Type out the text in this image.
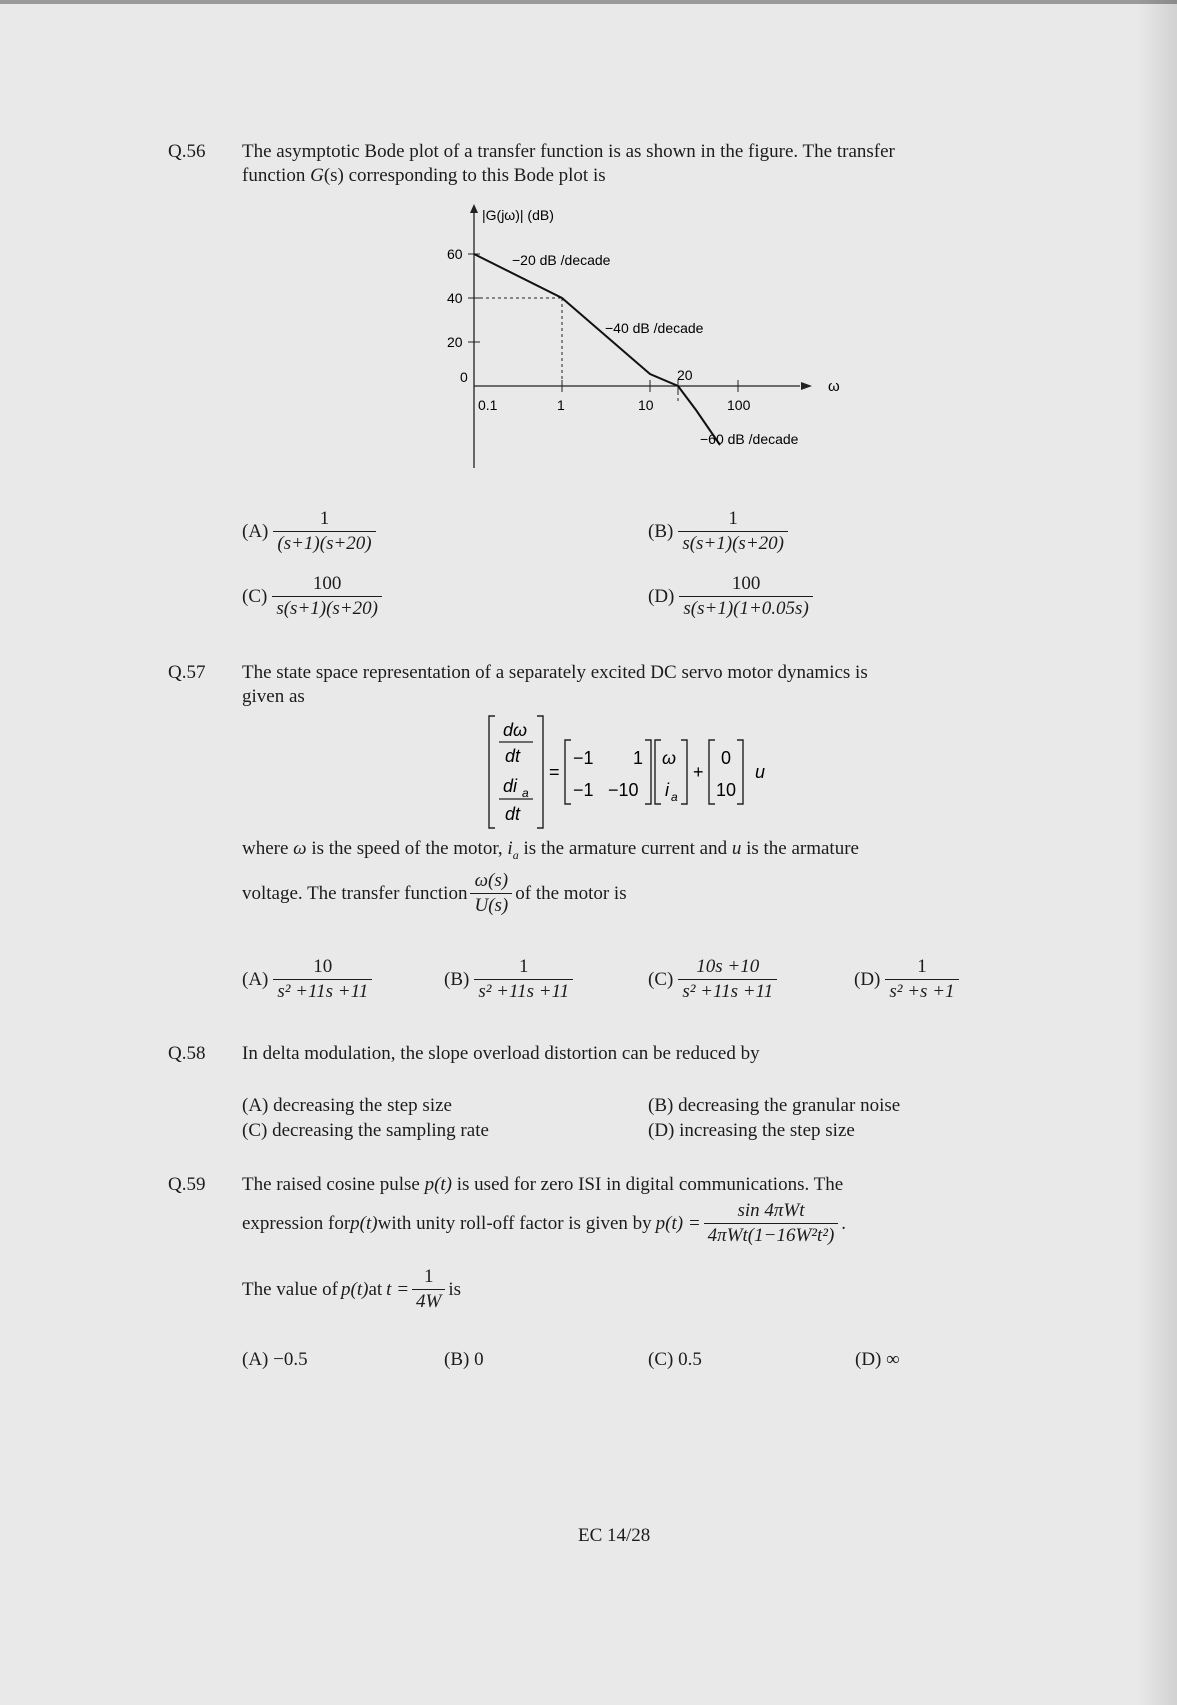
Q.56 The asymptotic Bode plot of a transfer function is as shown in the figure. The transfer
function G(s) corresponding to this Bode plot is
|G(jω)| (dB)
ω
60
40
20
0
0.1	1	10	100
20
−20 dB /decade
−40 dB /decade
−60 dB /decade
$(A) \frac{1}{(s+1)(s+20)}$	$(B) \frac{1}{s(s+1)(s+20)}$
$(C) \frac{100}{s(s+1)(s+20)}$	$(D) \frac{100}{s(s+1)(1+0.05s)}$
Q.57 The state space representation of a separately excited DC servo motor dynamics is
given as
dω
dt
di a
dt
=
−1 1
−1 −10
ω
i a
+
0
10
u
where ω is the speed of the motor, $i_a$ is the armature current and u is the armature
voltage. The transfer function $\frac{\omega(s)}{U(s)}$ of the motor is
$(A) \frac{10}{\text{s² +11s +11}}$	$(B) \frac{1}{\text{s² +11s +11}}$	$(C) \frac{10s +10}{\text{s² +11s +11}}$	$(D) \frac{1}{\text{s² +s +1}}$
Q.58 In delta modulation, the slope overload distortion can be reduced by
(A) decreasing the step size	(B) decreasing the granular noise
(C) decreasing the sampling rate	(D) increasing the step size
Q.59 The raised cosine pulse p(t) is used for zero ISI in digital communications. The
expression for p(t) with unity roll-off factor is given by $p(t) = \frac{\text{sin 4πWt}}{\text{4πWt(1−16W²t²)}}$ .
The value of p(t) at $t = \frac{1}{4W}$ is
(A) −0.5	(B) 0	(C) 0.5	(D) ∞
EC 14/28
